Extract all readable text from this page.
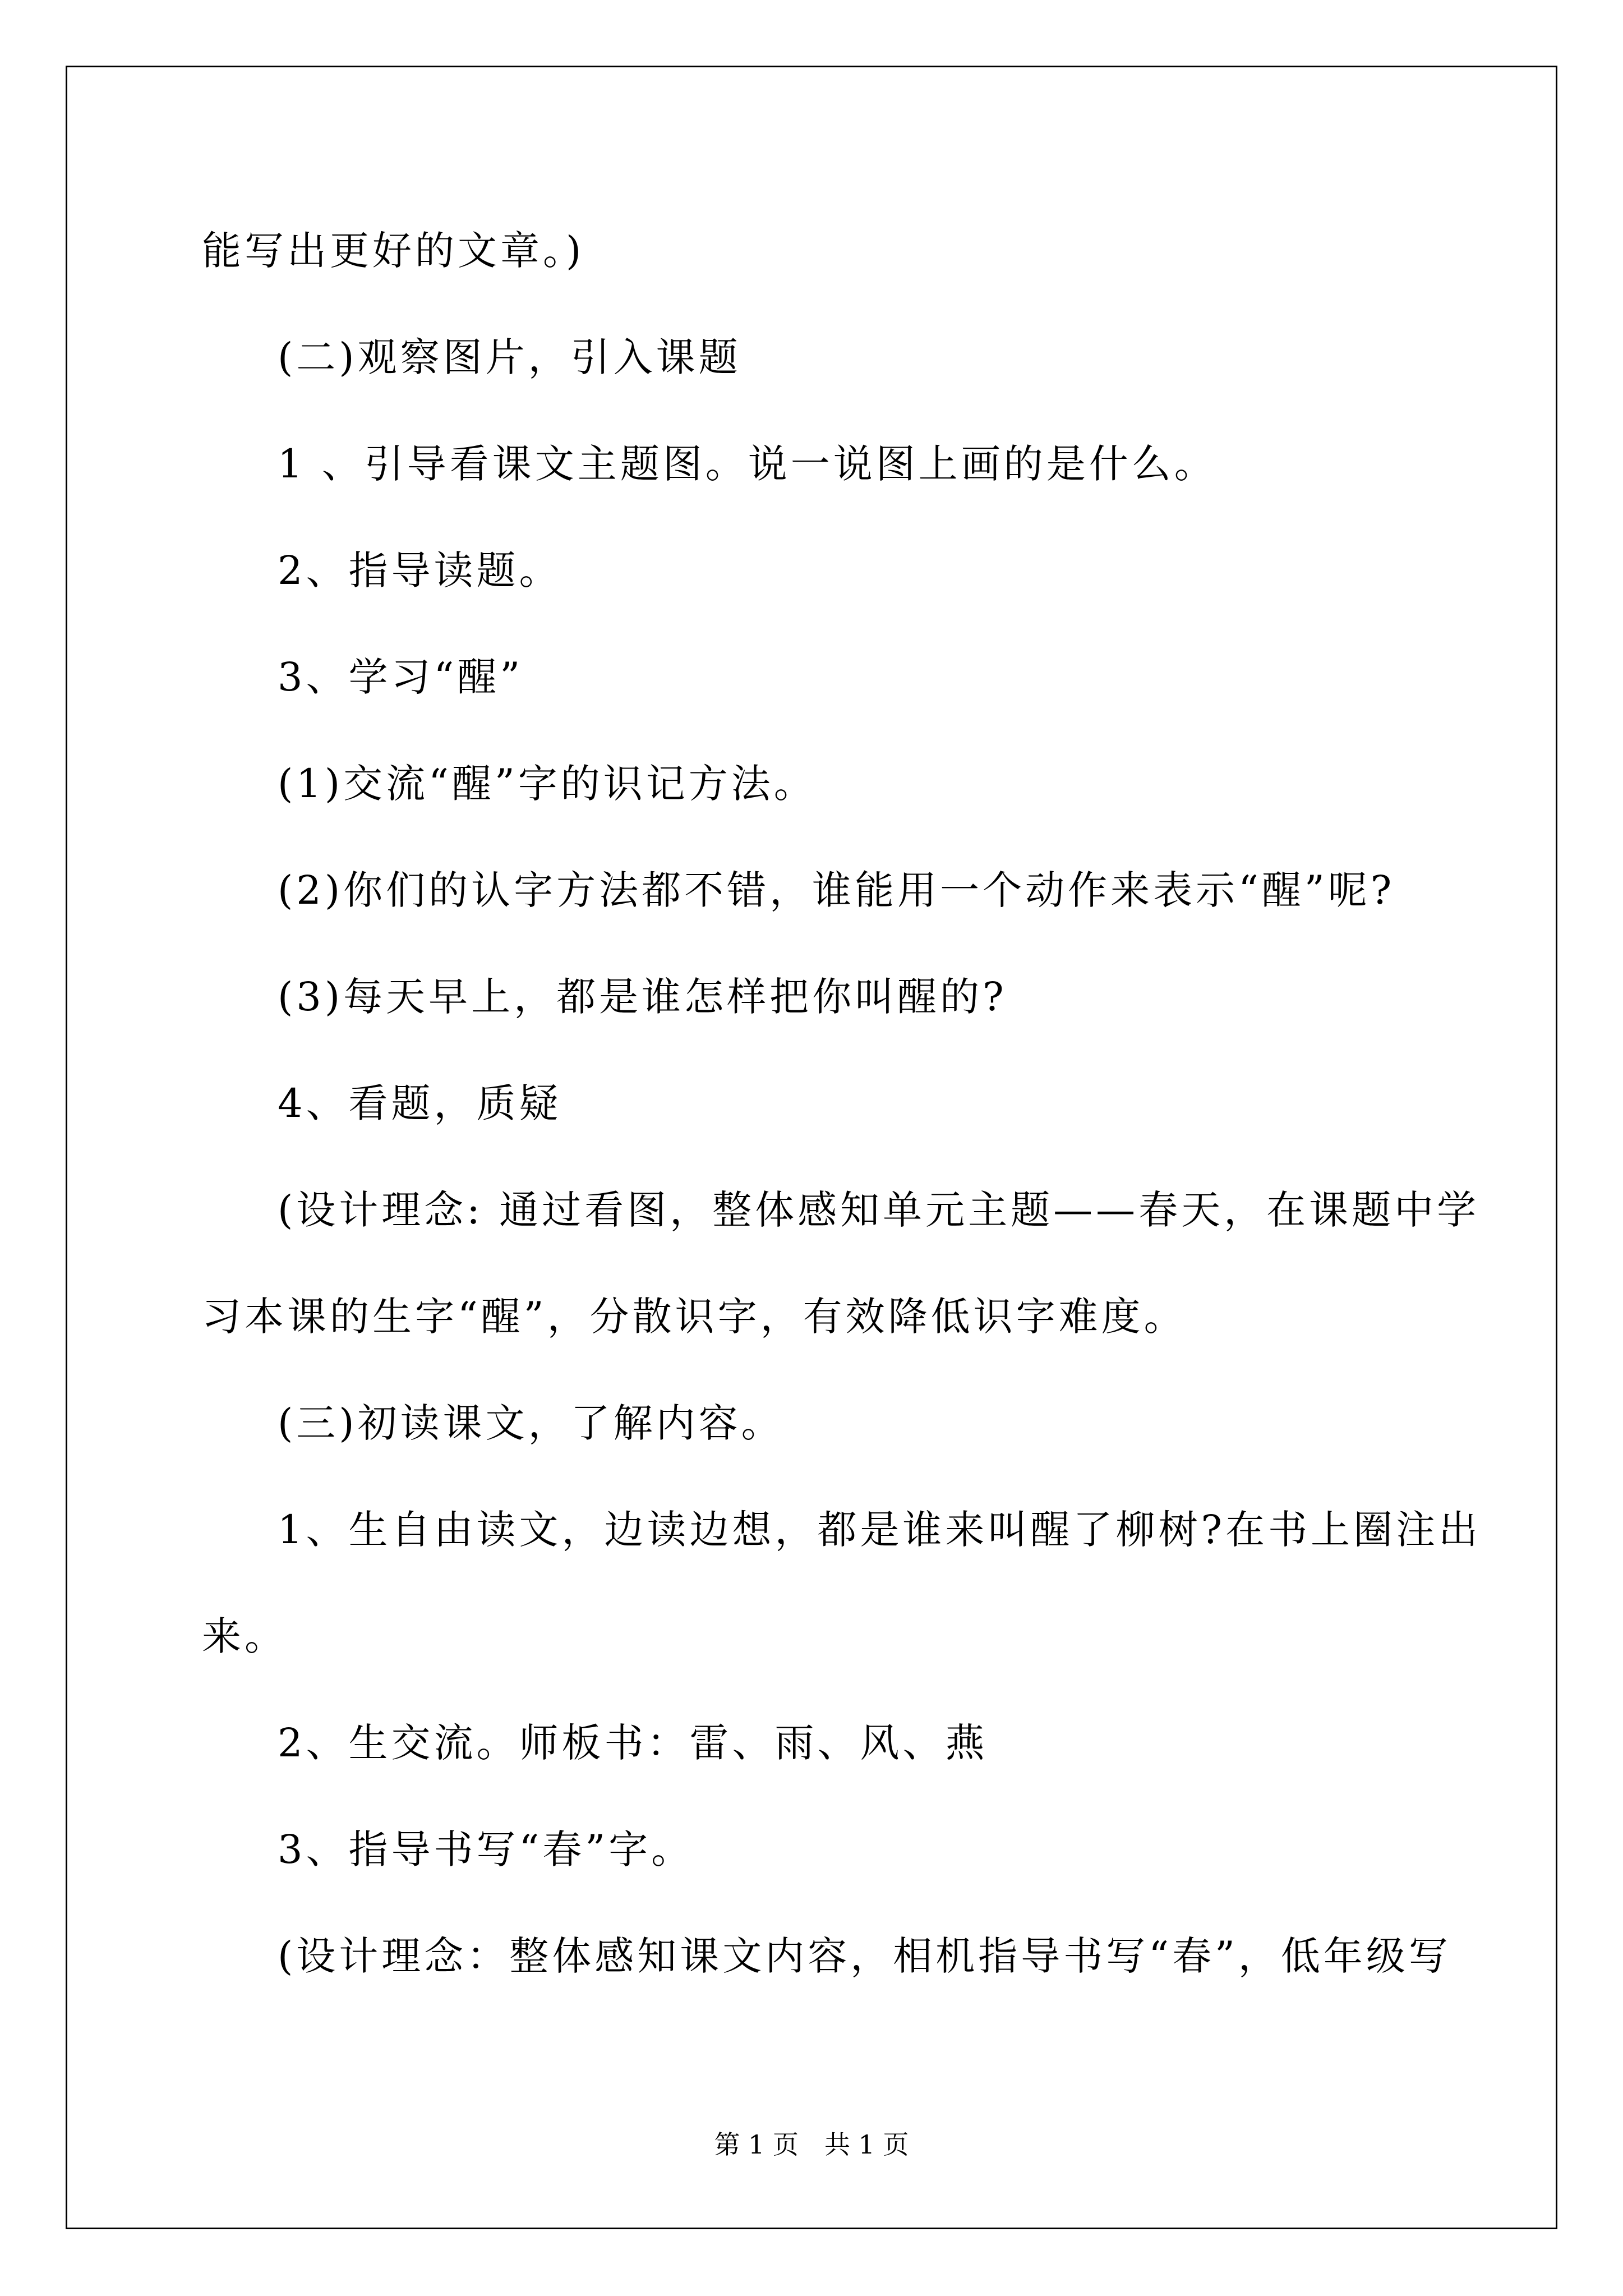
能写出更好的文章。)
(二)观察图片，引入课题
1 、引导看课文主题图。说一说图上画的是什么。
2、指导读题。
3、学习“醒”
(1)交流“醒”字的识记方法。
(2)你们的认字方法都不错，谁能用一个动作来表示“醒”呢?
(3)每天早上，都是谁怎样把你叫醒的?
4、看题，质疑
(设计理念: 通过看图，整体感知单元主题——春天，在课题中学
习本课的生字“醒”，分散识字，有效降低识字难度。
(三)初读课文，了解内容。
1、生自由读文，边读边想，都是谁来叫醒了柳树?在书上圈注出
来。
2、生交流。师板书：雷、雨、风、燕
3、指导书写“春”字。
(设计理念：整体感知课文内容，相机指导书写“春”，低年级写
第 1 页　共 1 页
